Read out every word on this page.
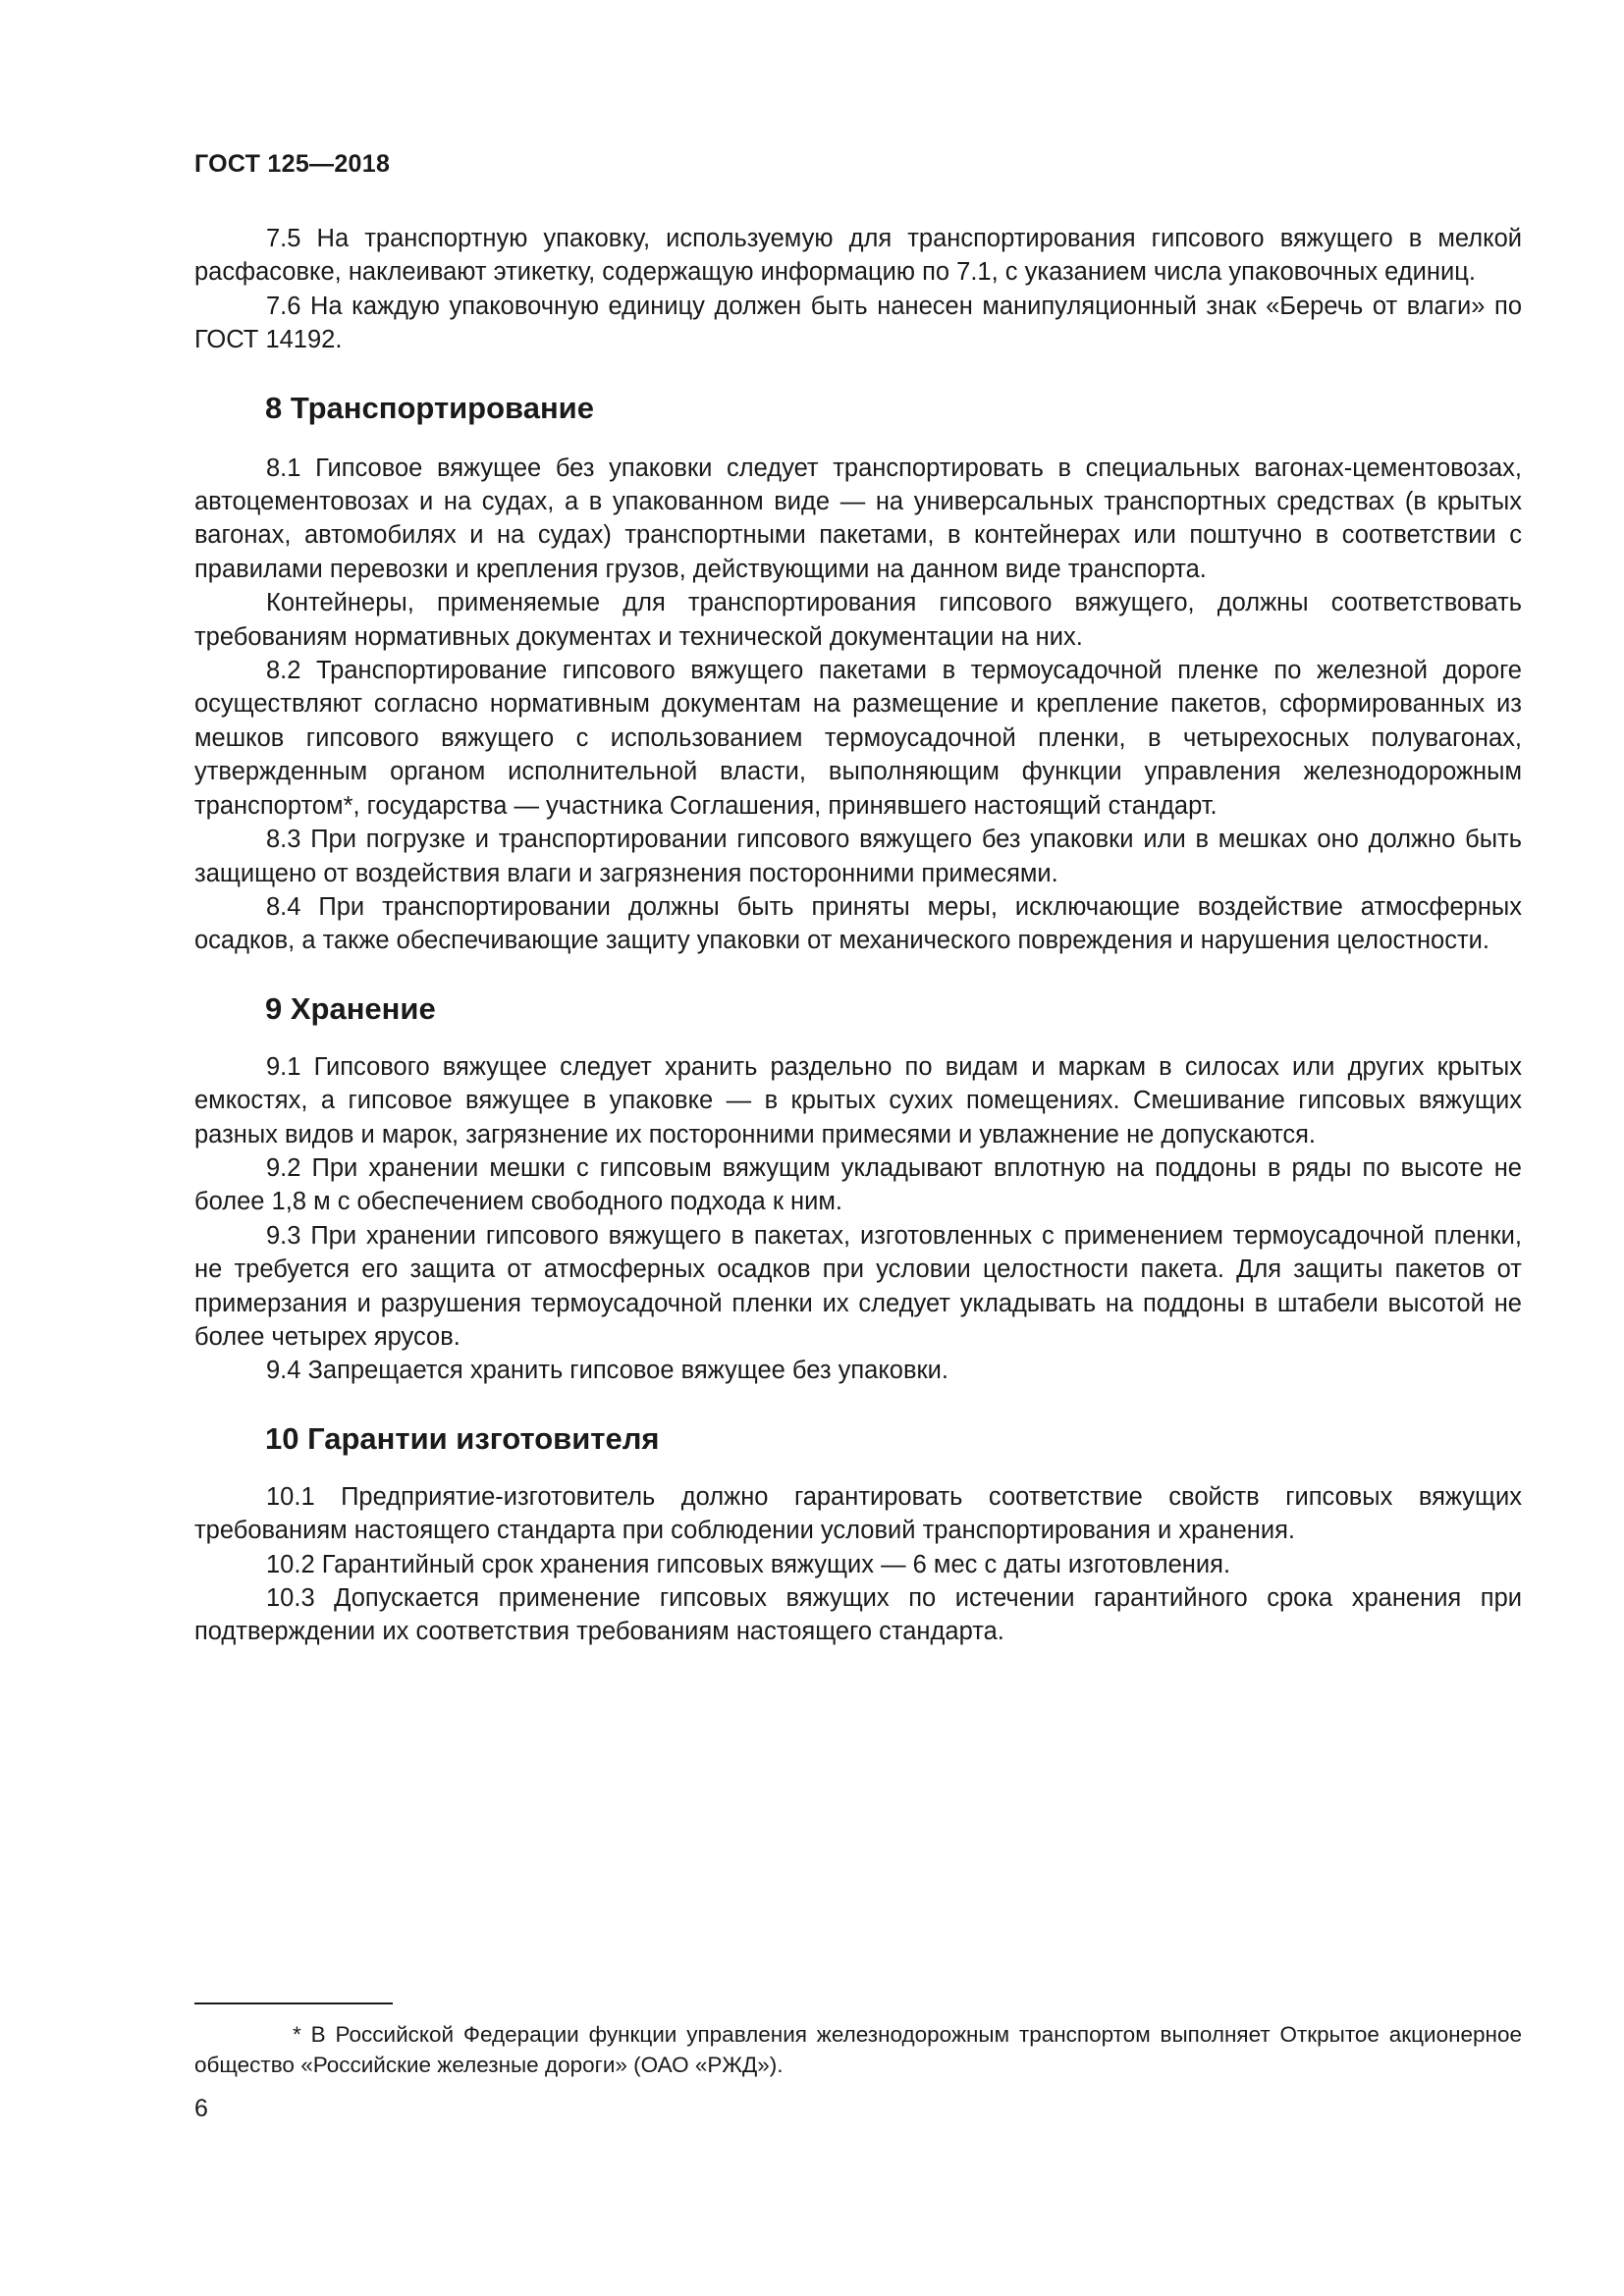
ГОСТ 125—2018

7.5 На транспортную упаковку, используемую для транспортирования гипсового вяжущего в мелкой расфасовке, наклеивают этикетку, содержащую информацию по 7.1, с указанием числа упаковочных единиц.

7.6 На каждую упаковочную единицу должен быть нанесен манипуляционный знак «Беречь от влаги» по ГОСТ 14192.

8 Транспортирование

8.1 Гипсовое вяжущее без упаковки следует транспортировать в специальных вагонах-цементовозах, автоцементовозах и на судах, а в упакованном виде — на универсальных транспортных средствах (в крытых вагонах, автомобилях и на судах) транспортными пакетами, в контейнерах или поштучно в соответствии с правилами перевозки и крепления грузов, действующими на данном виде транспорта.

Контейнеры, применяемые для транспортирования гипсового вяжущего, должны соответствовать требованиям нормативных документах и технической документации на них.

8.2 Транспортирование гипсового вяжущего пакетами в термоусадочной пленке по железной дороге осуществляют согласно нормативным документам на размещение и крепление пакетов, сформированных из мешков гипсового вяжущего с использованием термоусадочной пленки, в четырехосных полувагонах, утвержденным органом исполнительной власти, выполняющим функции управления железнодорожным транспортом*, государства — участника Соглашения, принявшего настоящий стандарт.

8.3 При погрузке и транспортировании гипсового вяжущего без упаковки или в мешках оно должно быть защищено от воздействия влаги и загрязнения посторонними примесями.

8.4 При транспортировании должны быть приняты меры, исключающие воздействие атмосферных осадков, а также обеспечивающие защиту упаковки от механического повреждения и нарушения целостности.

9 Хранение

9.1 Гипсового вяжущее следует хранить раздельно по видам и маркам в силосах или других крытых емкостях, а гипсовое вяжущее в упаковке — в крытых сухих помещениях. Смешивание гипсовых вяжущих разных видов и марок, загрязнение их посторонними примесями и увлажнение не допускаются.

9.2 При хранении мешки с гипсовым вяжущим укладывают вплотную на поддоны в ряды по высоте не более 1,8 м с обеспечением свободного подхода к ним.

9.3 При хранении гипсового вяжущего в пакетах, изготовленных с применением термоусадочной пленки, не требуется его защита от атмосферных осадков при условии целостности пакета. Для защиты пакетов от примерзания и разрушения термоусадочной пленки их следует укладывать на поддоны в штабели высотой не более четырех ярусов.

9.4 Запрещается хранить гипсовое вяжущее без упаковки.

10 Гарантии изготовителя

10.1 Предприятие-изготовитель должно гарантировать соответствие свойств гипсовых вяжущих требованиям настоящего стандарта при соблюдении условий транспортирования и хранения.

10.2 Гарантийный срок хранения гипсовых вяжущих — 6 мес с даты изготовления.

10.3 Допускается применение гипсовых вяжущих по истечении гарантийного срока хранения при подтверждении их соответствия требованиям настоящего стандарта.

* В Российской Федерации функции управления железнодорожным транспортом выполняет Открытое акционерное общество «Российские железные дороги» (ОАО «РЖД»).
6
